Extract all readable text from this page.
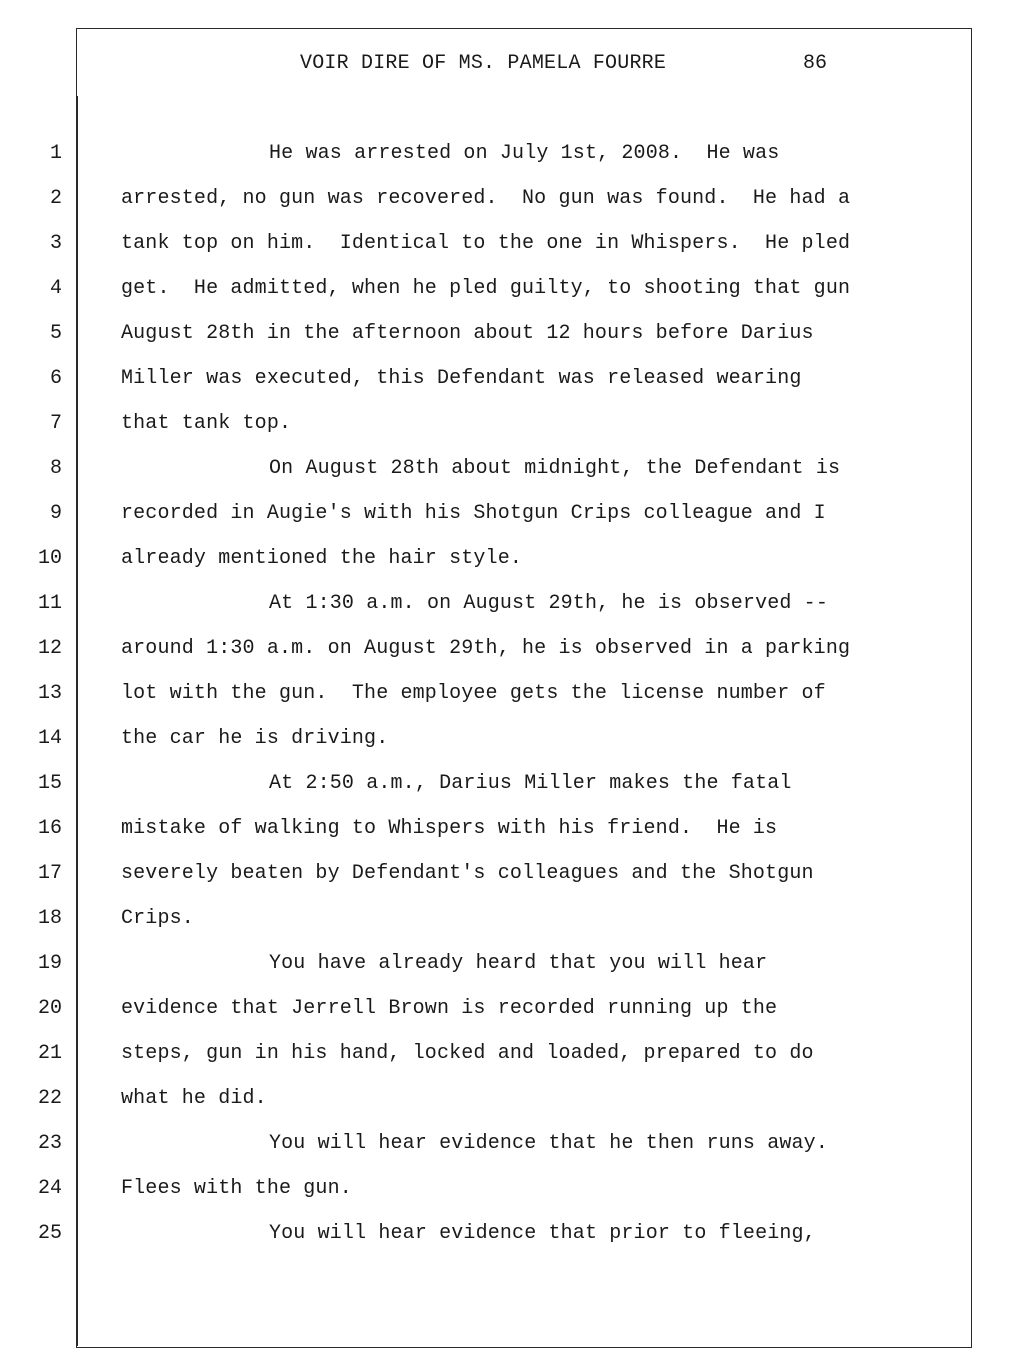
VOIR DIRE OF MS. PAMELA FOURRE	86
1	He was arrested on July 1st, 2008.  He was
2	arrested, no gun was recovered.  No gun was found.  He had a
3	tank top on him.  Identical to the one in Whispers.  He pled
4	get.  He admitted, when he pled guilty, to shooting that gun
5	August 28th in the afternoon about 12 hours before Darius
6	Miller was executed, this Defendant was released wearing
7	that tank top.
8	On August 28th about midnight, the Defendant is
9	recorded in Augie's with his Shotgun Crips colleague and I
10	already mentioned the hair style.
11	At 1:30 a.m. on August 29th, he is observed --
12	around 1:30 a.m. on August 29th, he is observed in a parking
13	lot with the gun.  The employee gets the license number of
14	the car he is driving.
15	At 2:50 a.m., Darius Miller makes the fatal
16	mistake of walking to Whispers with his friend.  He is
17	severely beaten by Defendant's colleagues and the Shotgun
18	Crips.
19	You have already heard that you will hear
20	evidence that Jerrell Brown is recorded running up the
21	steps, gun in his hand, locked and loaded, prepared to do
22	what he did.
23	You will hear evidence that he then runs away.
24	Flees with the gun.
25	You will hear evidence that prior to fleeing,
